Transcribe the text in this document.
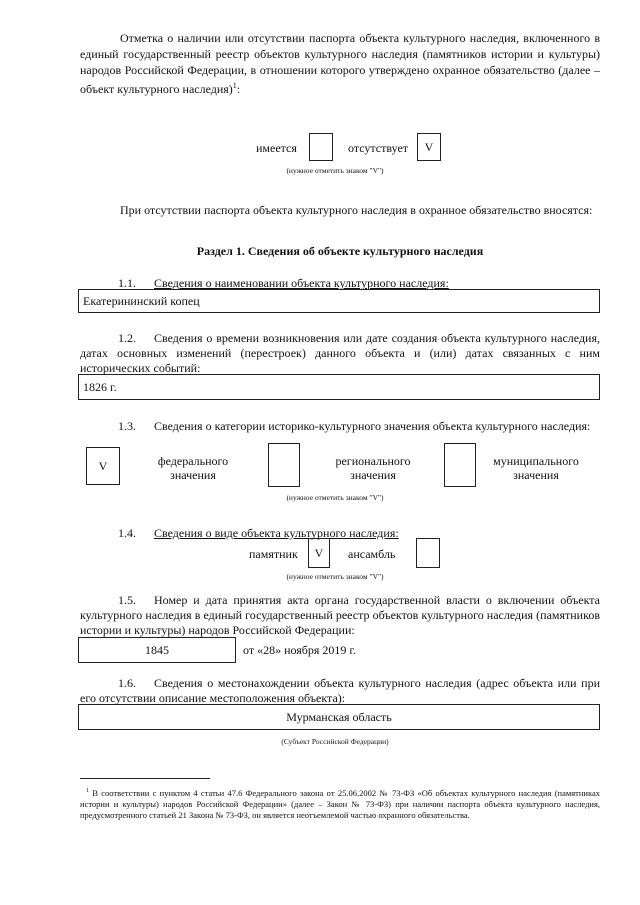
Отметка о наличии или отсутствии паспорта объекта культурного наследия, включенного в единый государственный реестр объектов культурного наследия (памятников истории и культуры) народов Российской Федерации, в отношении которого утверждено охранное обязательство (далее – объект культурного наследия)$^1$:
имеется	отсутствует	V
(нужное отметить знаком "V")
При отсутствии паспорта объекта культурного наследия в охранное обязательство вносятся:
Раздел 1. Сведения об объекте культурного наследия
1.1. Сведения о наименовании объекта культурного наследия:
Екатерининский копец
1.2.	Сведения о времени возникновения или дате создания объекта культурного наследия, датах основных изменений (перестроек) данного объекта и (или) датах связанных с ним исторических событий:
1826 г.
1.3.	Сведения о категории историко-культурного значения объекта культурного наследия:
V	федерального значения
регионального значения
муниципального значения
(нужное отметить знаком "V")
1.4. Сведения о виде объекта культурного наследия:
памятник	V	ансамбль
(нужное отметить знаком "V")
1.5.	Номер и дата принятия акта органа государственной власти о включении объекта культурного наследия в единый государственный реестр объектов культурного наследия (памятников истории и культуры) народов Российской Федерации:
1845	от «28» ноября 2019 г.
1.6.	Сведения о местонахождении объекта культурного наследия (адрес объекта или при его отсутствии описание местоположения объекта):
Мурманская область
(Субъект Российской Федерации)
$^1$ В соответствии с пунктом 4 статьи 47.6 Федерального закона от 25.06.2002 № 73-ФЗ «Об объектах культурного наследия (памятниках истории и культуры) народов Российской Федерации» (далее – Закон № 73-ФЗ) при наличии паспорта объекта культурного наследия, предусмотренного статьей 21 Закона № 73-ФЗ, он является неотъемлемой частью охранного обязательства.
